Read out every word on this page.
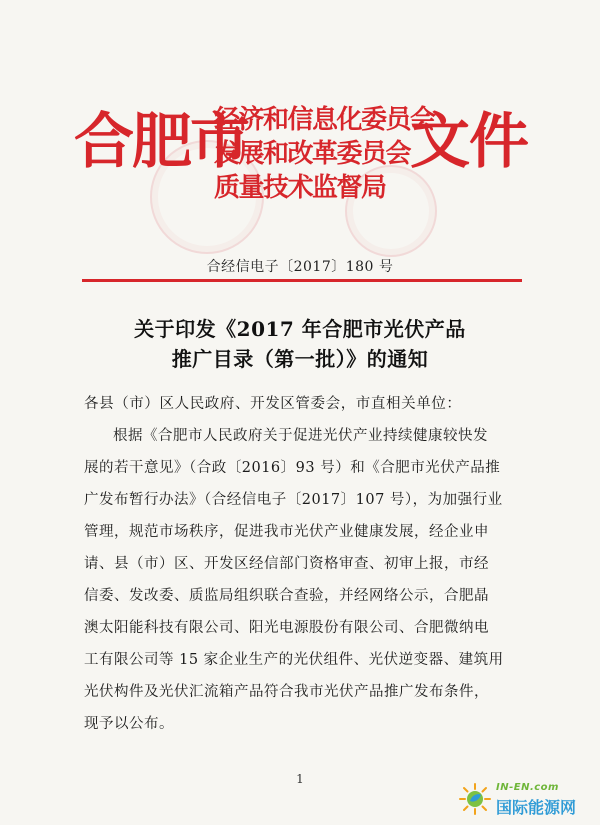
合肥市
经济和信息化委员会
发展和改革委员会
质量技术监督局
文件
合经信电子〔2017〕180 号
关于印发《2017 年合肥市光伏产品
推广目录（第一批）》的通知
各县（市）区人民政府、开发区管委会，市直相关单位：
根据《合肥市人民政府关于促进光伏产业持续健康较快发
展的若干意见》（合政〔2016〕93 号）和《合肥市光伏产品推
广发布暂行办法》（合经信电子〔2017〕107 号），为加强行业
管理，规范市场秩序，促进我市光伏产业健康发展，经企业申
请、县（市）区、开发区经信部门资格审查、初审上报，市经
信委、发改委、质监局组织联合查验，并经网络公示，合肥晶
澳太阳能科技有限公司、阳光电源股份有限公司、合肥微纳电
工有限公司等 15 家企业生产的光伏组件、光伏逆变器、建筑用
光伏构件及光伏汇流箱产品符合我市光伏产品推广发布条件，
现予以公布。
1
IN-EN.com
国际能源网
